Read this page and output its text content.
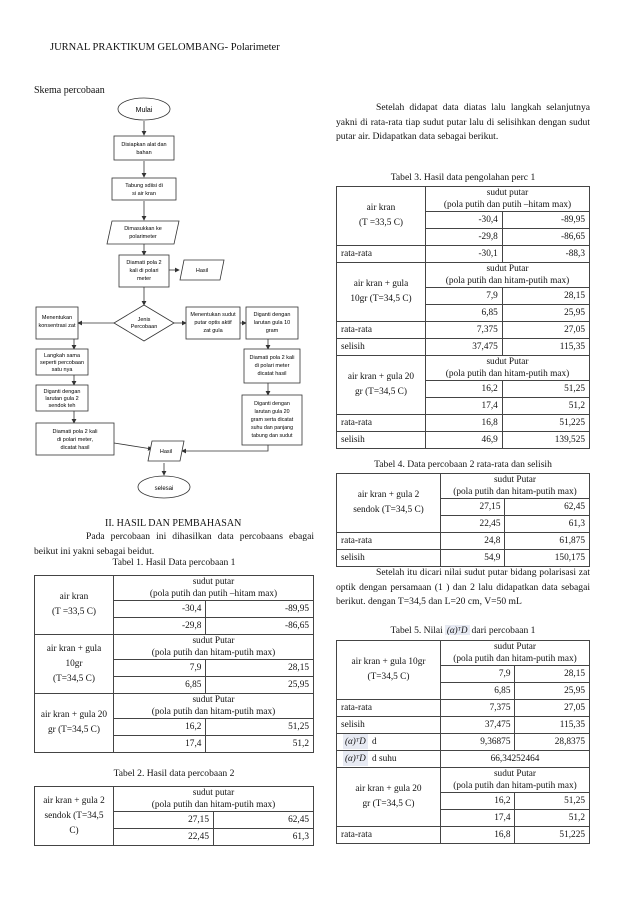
JURNAL PRAKTIKUM GELOMBANG- Polarimeter
Skema percobaan
Mulai
Disiapkan alat dan
bahan
Tabung sdiisi di
si air kran
Dimasukkan ke
polarimeter
Diamati pola 2
kali di polari
meter
Hasil
Jenis
Percobaan
Menentukan
konsentrasi zat
Menentukan sudut
putar optis aktif
zat gula
Diganti dengan
larutan gula 10
gram
Langkah sama
seperti percobaan
satu nya
Diamati pola 2 kali
di polari meter
dicatat hasil
Diganti dengan
larutan gula 2
sendok teh	Diganti dengan
larutan gula 20
gram serta dicatat
suhu dan panjang
tabung dan sudut
Diamati pola 2 kali
di polari meter,
dicatat hasil
Hasil
selesai
II. HASIL DAN PEMBAHASAN
Pada percobaan ini dihasilkan data percobaans ebagai beikut ini yakni sebagai beidut.
Tabel 1. Hasil Data percobaan 1
air kran
(T =33,5 C)	sudut putar
(pola putih dan putih –hitam max)	
	-30,4	-89,95
	-29,8	-86,65
air kran + gula 10gr
(T=34,5 C)	sudut Putar
(pola putih dan hitam-putih max)	
	7,9	28,15
	6,85	25,95
air kran + gula 20
gr (T=34,5 C)	sudut Putar
(pola putih dan hitam-putih max)	
	16,2	51,25
	17,4	51,2
Tabel 2. Hasil data percobaan 2
air kran + gula 2
sendok (T=34,5 C)	sudut putar
(pola putih dan hitam-putih max)	
	27,15	62,45
	22,45	61,3
Setelah didapat data diatas lalu langkah selanjutnya yakni di rata-rata tiap sudut putar lalu di selisihkan dengan sudut putar air. Didapatkan data sebagai berikut.
Tabel 3. Hasil data pengolahan perc 1
air kran
(T =33,5 C)	sudut putar
(pola putih dan putih –hitam max)	
	-30,4	-89,95
	-29,8	-86,65
rata-rata	-30,1	-88,3
air kran + gula
10gr (T=34,5 C)	sudut Putar
(pola putih dan hitam-putih max)	
	7,9	28,15
	6,85	25,95
rata-rata	7,375	27,05
selisih	37,475	115,35
air kran + gula 20
gr (T=34,5 C)	sudut Putar
(pola putih dan hitam-putih max)	
	16,2	51,25
	17,4	51,2
rata-rata	16,8	51,225
selisih	46,9	139,525
Tabel 4. Data percobaan 2 rata-rata dan selisih
air kran + gula 2
sendok (T=34,5 C)	sudut Putar
(pola putih dan hitam-putih max)	
	27,15	62,45
	22,45	61,3
rata-rata	24,8	61,875
selisih	54,9	150,175
Setelah itu dicari nilai sudut putar bidang polarisasi zat optik dengan persamaan (1 ) dan 2 lalu didapatkan data sebagai berikut. dengan T=34,5 dan L=20 cm, V=50 mL
Tabel 5. Nilai (α)ᵀD dari percobaan 1
air kran + gula 10gr
(T=34,5 C)	sudut Putar
(pola putih dan hitam-putih max)	
	7,9	28,15
	6,85	25,95
rata-rata	7,375	27,05
selisih	37,475	115,35
(α)ᵀD d	9,36875	28,8375
(α)ᵀD d suhu	66,34252464	
air kran + gula 20
gr (T=34,5 C)	sudut Putar
(pola putih dan hitam-putih max)	
	16,2	51,25
	17,4	51,2
rata-rata	16,8	51,225
